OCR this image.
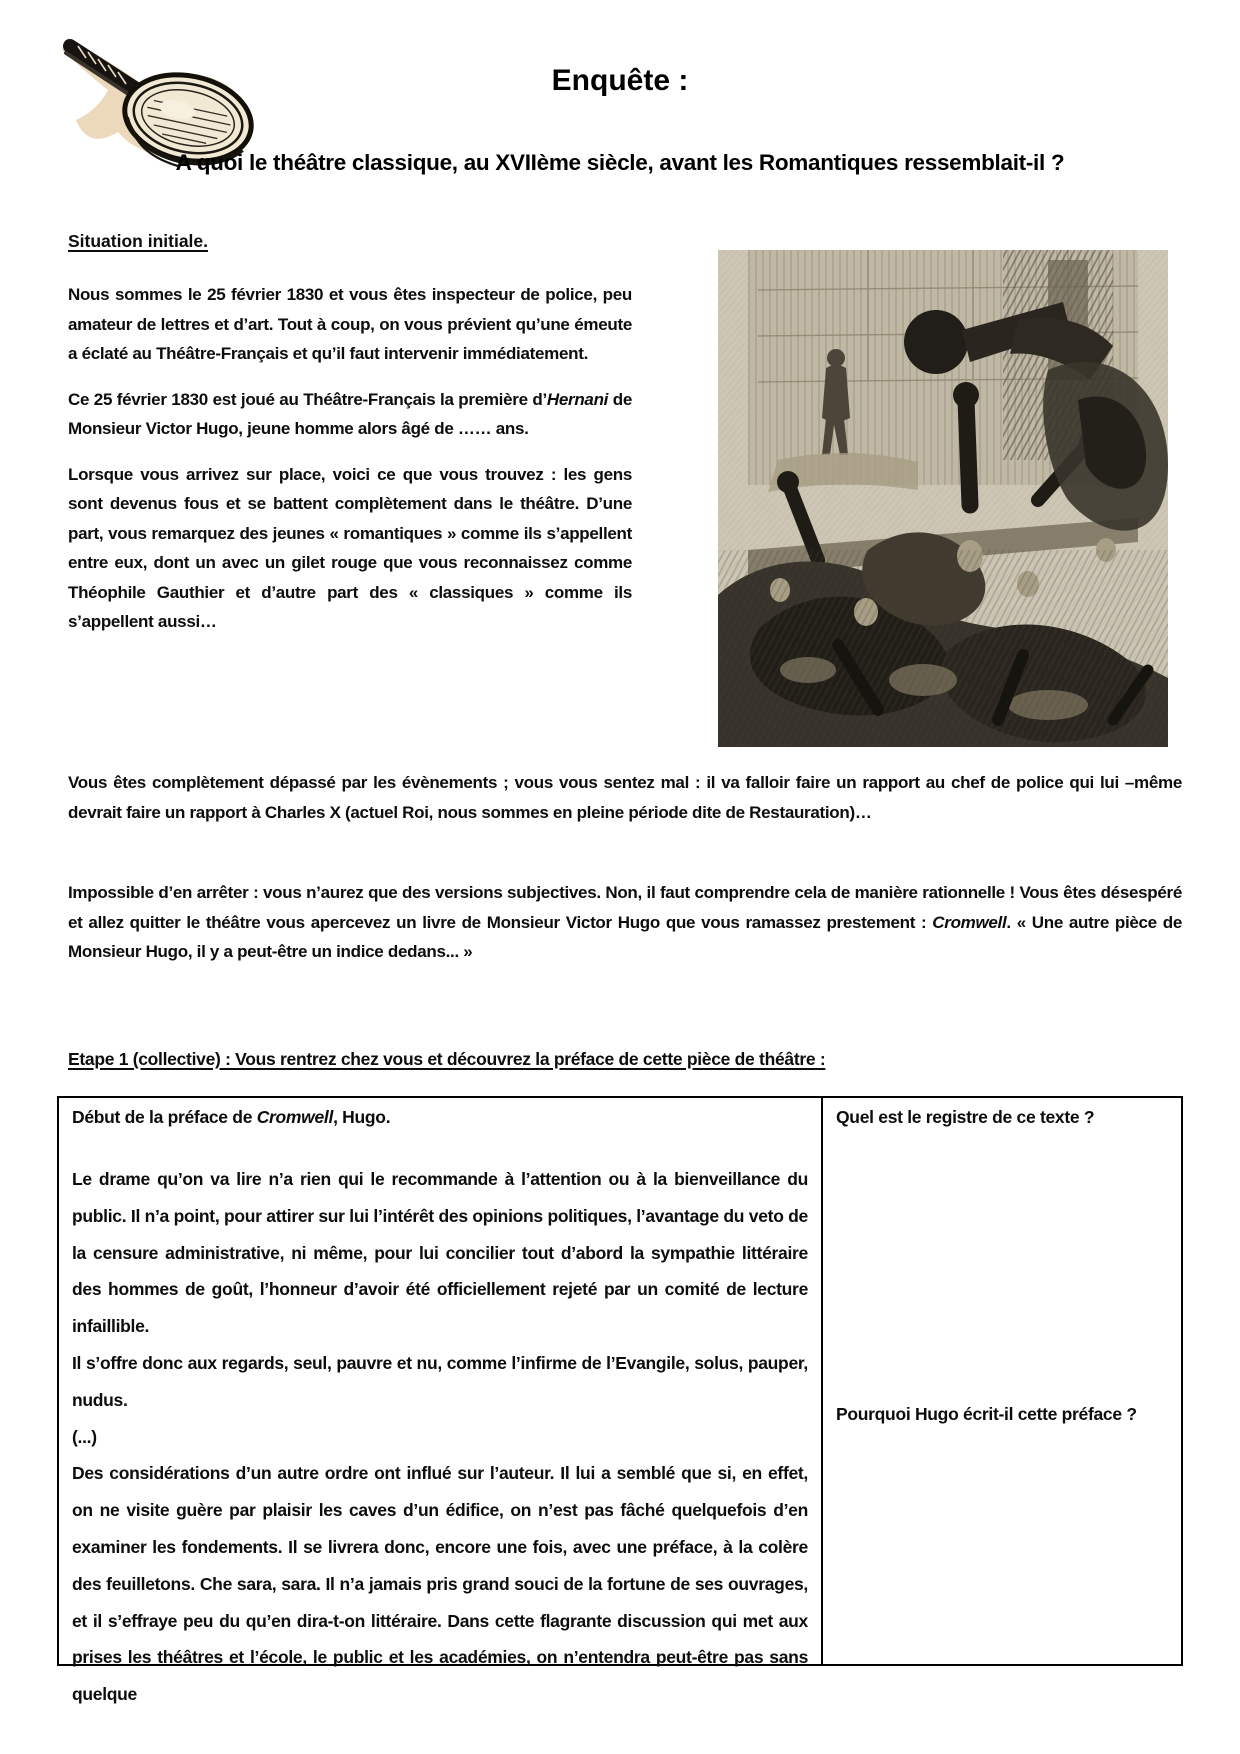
Enquête :
A quoi le théâtre classique, au XVIIème siècle, avant les Romantiques ressemblait-il ?
Situation initiale.

Nous sommes le 25 février 1830 et vous êtes inspecteur de police, peu amateur de lettres et d’art. Tout à coup, on vous prévient qu’une émeute a éclaté au Théâtre-Français et qu’il faut intervenir immédiatement.

Ce 25 février 1830 est joué au Théâtre-Français la première d’Hernani de Monsieur Victor Hugo, jeune homme alors âgé de …… ans.

Lorsque vous arrivez sur place, voici ce que vous trouvez : les gens sont devenus fous et se battent complètement dans le théâtre. D’une part, vous remarquez des jeunes « romantiques » comme ils s’appellent entre eux, dont un avec un gilet rouge que vous reconnaissez comme Théophile Gauthier et d’autre part des « classiques » comme ils s’appellent aussi…

Vous êtes complètement dépassé par les évènements ; vous vous sentez mal : il va falloir faire un rapport au chef de police qui lui –même devrait faire un rapport à Charles X (actuel Roi, nous sommes en pleine période dite de Restauration)…
Impossible d’en arrêter : vous n’aurez que des versions subjectives. Non, il faut comprendre cela de manière rationnelle ! Vous êtes désespéré et allez quitter le théâtre vous apercevez un livre de Monsieur Victor Hugo que vous ramassez prestement : Cromwell. « Une autre pièce de Monsieur Hugo, il y a peut-être un indice dedans... »
Etape 1 (collective) : Vous rentrez chez vous et découvrez la préface de cette pièce de théâtre :
Début de la préface de Cromwell, Hugo.

Le drame qu’on va lire n’a rien qui le recommande à l’attention ou à la bienveillance du public. Il n’a point, pour attirer sur lui l’intérêt des opinions politiques, l’avantage du veto de la censure administrative, ni même, pour lui concilier tout d’abord la sympathie littéraire des hommes de goût, l’honneur d’avoir été officiellement rejeté par un comité de lecture infaillible.

Il s’offre donc aux regards, seul, pauvre et nu, comme l’infirme de l’Evangile, solus, pauper, nudus.

(...)

Des considérations d’un autre ordre ont influé sur l’auteur. Il lui a semblé que si, en effet, on ne visite guère par plaisir les caves d’un édifice, on n’est pas fâché quelquefois d’en examiner les fondements. Il se livrera donc, encore une fois, avec une préface, à la colère des feuilletons. Che sara, sara. Il n’a jamais pris grand souci de la fortune de ses ouvrages, et il s’effraye peu du qu’en dira-t-on littéraire. Dans cette flagrante discussion qui met aux prises les théâtres et l’école, le public et les académies, on n’entendra peut-être pas sans quelque

Quel est le registre de ce texte ?
Pourquoi Hugo écrit-il cette préface ?
